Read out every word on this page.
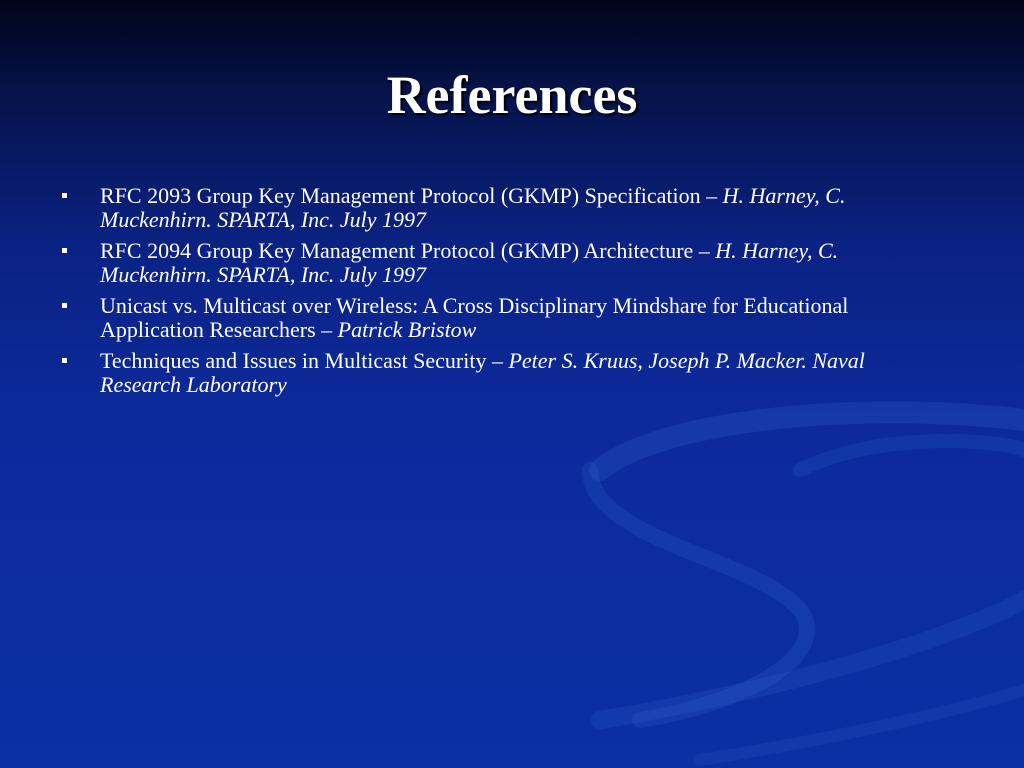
References
RFC 2093 Group Key Management Protocol (GKMP) Specification – H. Harney, C. Muckenhirn. SPARTA, Inc. July 1997
RFC 2094 Group Key Management Protocol (GKMP) Architecture – H. Harney, C. Muckenhirn. SPARTA, Inc. July 1997
Unicast vs. Multicast over Wireless: A Cross Disciplinary Mindshare for Educational Application Researchers – Patrick Bristow
Techniques and Issues in Multicast Security – Peter S. Kruus, Joseph P. Macker. Naval Research Laboratory
